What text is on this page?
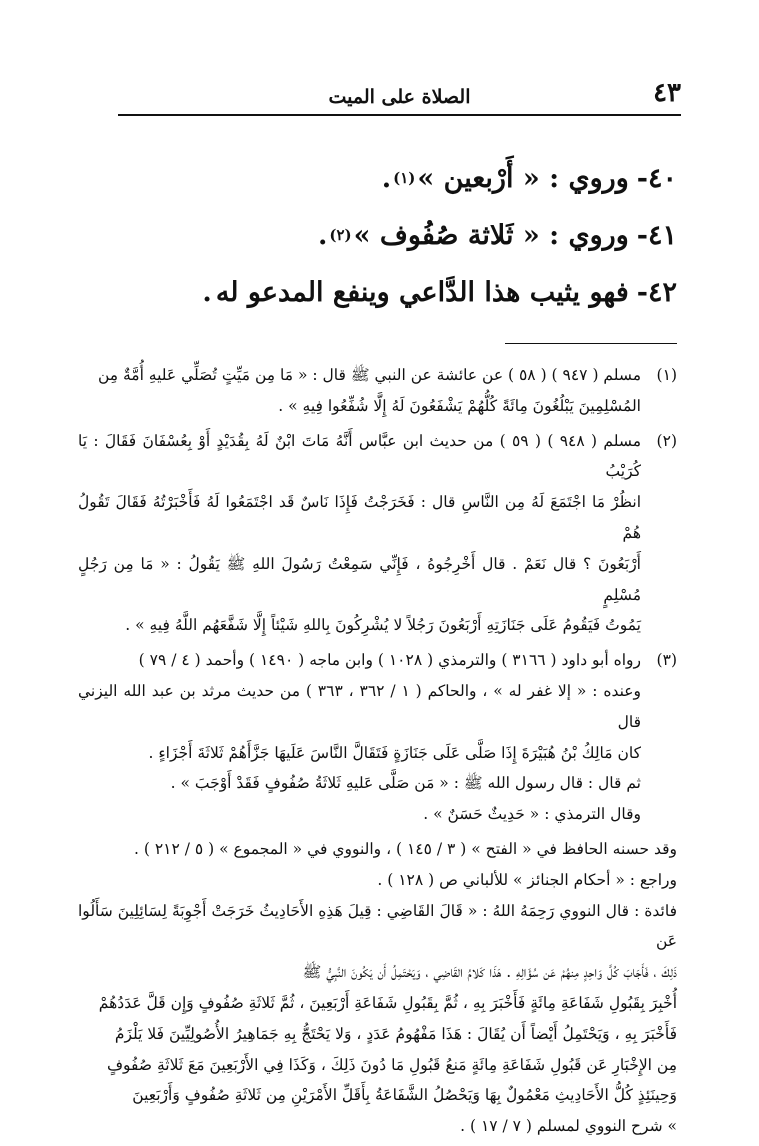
٤٣
الصلاة على الميت
٤٠-
وروي : « أَرْبعين »
(١)
.
٤١-
وروي : « ثَلاثة صُفُوف »
(٢)
.
٤٢-
فهو يثيب هذا الدَّاعي وينفع المدعو له
.
(١)

مسلم ( ٩٤٧ ) ( ٥٨ ) عن عائشة عن النبي ﷺ قال : « مَا مِن مَيِّتٍ تُصَلِّي عَليهِ أُمَّةٌ مِن

المُسْلِمِينَ يَبْلُغُونَ مِائَةً كُلُّهُمْ يَشْفَعُونَ لَهُ إِلَّا شُفِّعُوا فِيهِ » .

(٢)

مسلم ( ٩٤٨ ) ( ٥٩ ) من حديث ابن عبَّاس أَنَّهُ مَاتَ ابْنٌ لَهُ بِقُدَيْدٍ أَوْ بِعُسْفَانَ فَقَالَ : يَا كُرَيْبُ

انظُرْ مَا اجْتَمَعَ لَهُ مِن النَّاسِ قال : فَخَرَجْتُ فَإِذَا نَاسٌ قَد اجْتَمَعُوا لَهُ فَأَخْبَرْتُهُ فَقَالَ تَقُولُ هُمْ

أَرْبَعُونَ ؟ قال نَعَمْ . قال أَخْرِجُوهُ ، فَإِنِّي سَمِعْتُ رَسُولَ اللهِ ﷺ يَقُولُ : « مَا مِن رَجُلٍ مُسْلِمٍ

يَمُوتُ فَيَقُومُ عَلَى جَنَازَتِهِ أَرْبَعُونَ رَجُلاً لا يُشْرِكُونَ بِاللهِ شَيْئاً إِلَّا شَفَّعَهُم اللَّهُ فِيهِ » .

(٣)

رواه أبو داود ( ٣١٦٦ ) والترمذي ( ١٠٢٨ ) وابن ماجه ( ١٤٩٠ ) وأحمد ( ٤ / ٧٩ )

وعنده : « إلا غفر له » ، والحاكم ( ١ / ٣٦٢ ، ٣٦٣ ) من حديث مرثد بن عبد الله اليزني قال

كان مَالِكُ بْنُ هُبَيْرَةَ إِذَا صَلَّى عَلَى جَنَازَةٍ فَتَقَالَّ النَّاسَ عَلَيهَا جَزَّأَهُمْ ثَلاثَةَ أَجْزَاءٍ .

ثم قال : قال رسول الله ﷺ : « مَن صَلَّى عَليهِ ثَلاثَةُ صُفُوفٍ فَقَدْ أَوْجَبَ » .

وقال الترمذي : « حَدِيثٌ حَسَنٌ » .

وقد حسنه الحافظ في « الفتح » ( ٣ / ١٤٥ ) ، والنووي في « المجموع » ( ٥ / ٢١٢ ) .

وراجع : « أحكام الجنائز » للألباني ص ( ١٢٨ ) .

فائدة : قال النووي رَحِمَهُ اللهُ : « قَالَ القَاضِي : قِيلَ هَذِهِ الأَحَادِيثُ خَرَجَتْ أَجْوِبَةً لِسَائِلِينَ سَأَلُوا عَن

ذَلِكَ ، فَأَجَابَ كُلَّ وَاحِدٍ مِنهُمْ عَن سُؤَالِهِ . هَذَا كَلامُ القَاضِي ، وَيَحْتَمِلُ أَن يَكُونَ النَّبِيُّ ﷺ

أُخْبِرَ بِقَبُولِ شَفَاعَةِ مِائَةٍ فَأَخْبَرَ بِهِ ، ثُمَّ بِقَبُولِ شَفَاعَةِ أَرْبَعِينَ ، ثُمَّ ثَلاثَةِ صُفُوفٍ وَإِن قَلَّ عَدَدُهُمْ

فَأَخْبَرَ بِهِ ، وَيَحْتَمِلُ أَيْضاً أَن يُقَالَ : هَذَا مَفْهُومُ عَدَدٍ ، وَلا يَحْتَجُّ بِهِ جَمَاهِيرُ الأُصُولِيِّينَ فَلا يَلْزَمُ

مِن الإِخْبَارِ عَن قَبُولِ شَفَاعَةِ مِائَةٍ مَنعُ قَبُولِ مَا دُونَ ذَلِكَ ، وَكَذَا فِي الأَرْبَعِينَ مَعَ ثَلاثَةِ صُفُوفٍ

وَحِينَئِذٍ كُلُّ الأَحَادِيثِ مَعْمُولٌ بِهَا وَيَحْصُلُ الشَّفَاعَةُ بِأَقَلِّ الأَمْرَيْنِ مِن ثَلاثَةِ صُفُوفٍ وَأَرْبَعِينَ

» شرح النووي لمسلم ( ٧ / ١٧ ) .
